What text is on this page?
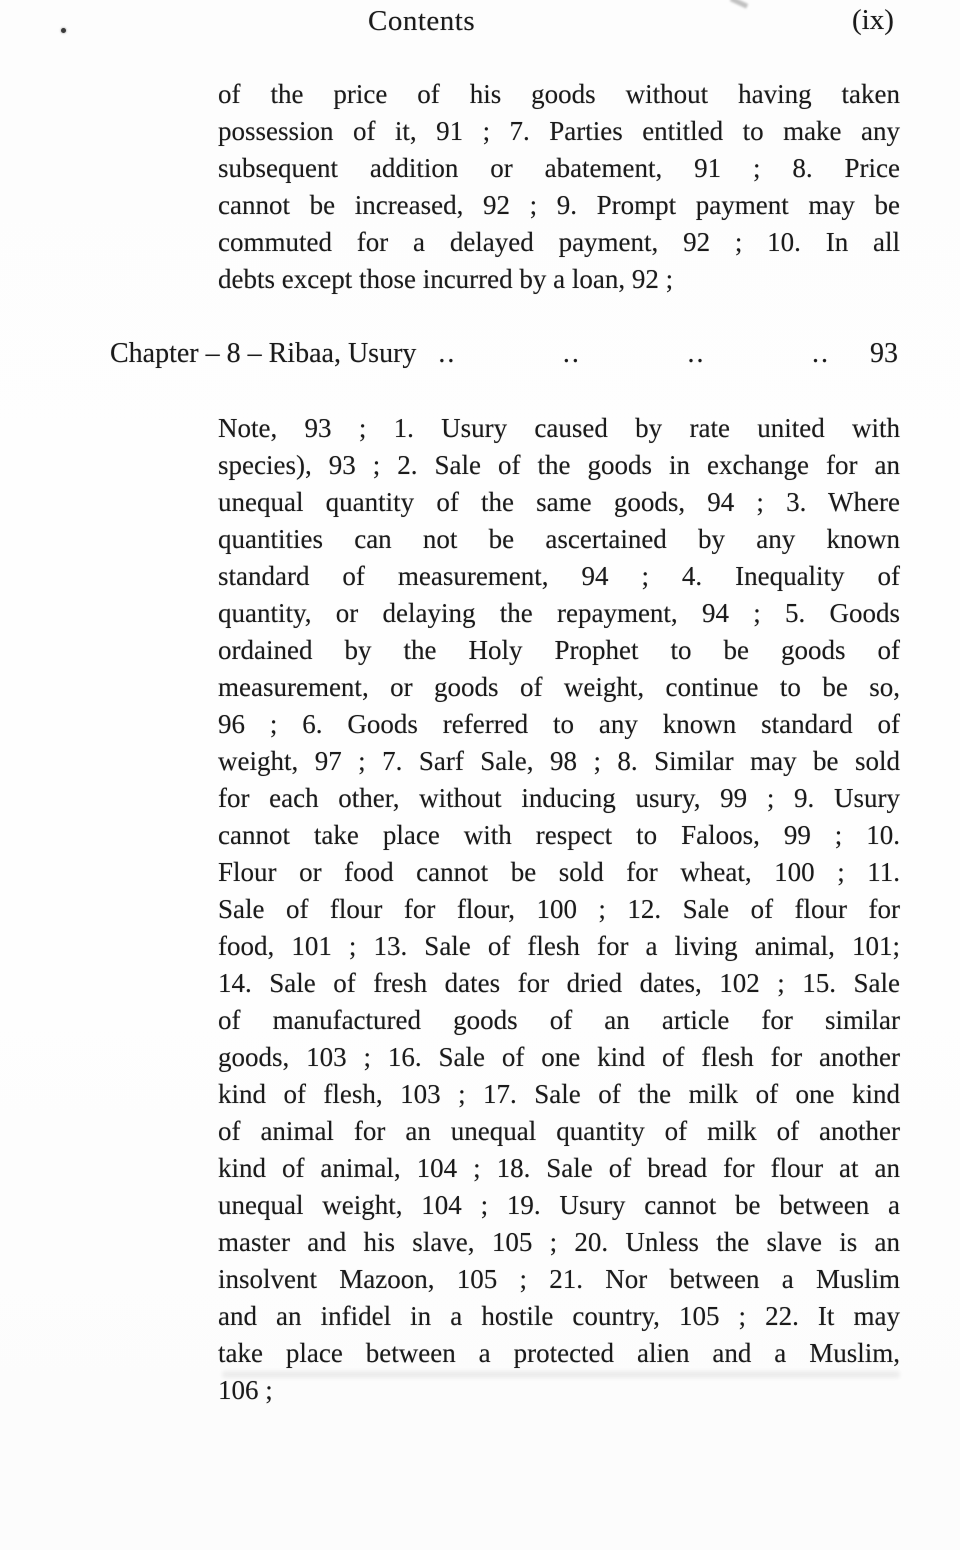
Contents	(ix)
of the price of his goods without having taken
possession of it, 91 ; 7. Parties entitled to make any
subsequent addition or abatement, 91 ; 8. Price
cannot be increased, 92 ; 9. Prompt payment may be
commuted for a delayed payment, 92 ; 10. In all
debts except those incurred by a loan, 92 ;
Chapter – 8 – Ribaa, Usury ..	..	..	.. 93
Note, 93 ; 1. Usury caused by rate united with
species), 93 ; 2. Sale of the goods in exchange for an
unequal quantity of the same goods, 94 ; 3. Where
quantities can not be ascertained by any known
standard of measurement, 94 ; 4. Inequality of
quantity, or delaying the repayment, 94 ; 5. Goods
ordained by the Holy Prophet to be goods of
measurement, or goods of weight, continue to be so,
96 ; 6. Goods referred to any known standard of
weight, 97 ; 7. Sarf Sale, 98 ; 8. Similar may be sold
for each other, without inducing usury, 99 ; 9. Usury
cannot take place with respect to Faloos, 99 ; 10.
Flour or food cannot be sold for wheat, 100 ; 11.
Sale of flour for flour, 100 ; 12. Sale of flour for
food, 101 ; 13. Sale of flesh for a living animal, 101;
14. Sale of fresh dates for dried dates, 102 ; 15. Sale
of manufactured goods of an article for similar
goods, 103 ; 16. Sale of one kind of flesh for another
kind of flesh, 103 ; 17. Sale of the milk of one kind
of animal for an unequal quantity of milk of another
kind of animal, 104 ; 18. Sale of bread for flour at an
unequal weight, 104 ; 19. Usury cannot be between a
master and his slave, 105 ; 20. Unless the slave is an
insolvent Mazoon, 105 ; 21. Nor between a Muslim
and an infidel in a hostile country, 105 ; 22. It may
take place between a protected alien and a Muslim,
106 ;
